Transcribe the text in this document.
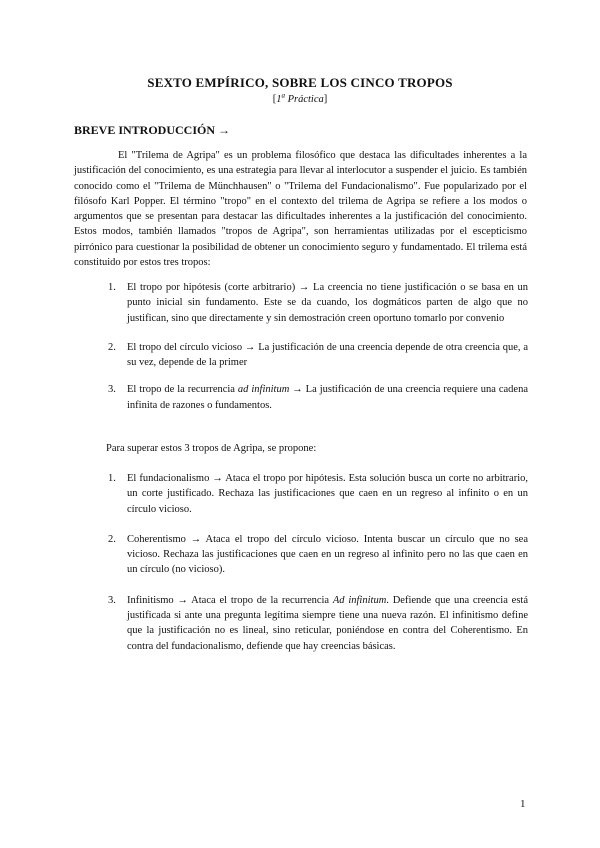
SEXTO EMPÍRICO, SOBRE LOS CINCO TROPOS

[1$^a$ Práctica]

BREVE INTRODUCCIÓN →

El "Trilema de Agripa" es un problema filosófico que destaca las dificultades inherentes a la justificación del conocimiento, es una estrategia para llevar al interlocutor a suspender el juicio. Es también conocido como el "Trilema de Münchhausen" o "Trilema del Fundacionalismo". Fue popularizado por el filósofo Karl Popper. El término "tropo" en el contexto del trilema de Agripa se refiere a los modos o argumentos que se presentan para destacar las dificultades inherentes a la justificación del conocimiento. Estos modos, también llamados "tropos de Agripa", son herramientas utilizadas por el escepticismo pirrónico para cuestionar la posibilidad de obtener un conocimiento seguro y fundamentado. El trilema está constituido por estos tres tropos:

1. El tropo por hipótesis (corte arbitrario) → La creencia no tiene justificación o se basa en un punto inicial sin fundamento. Este se da cuando, los dogmáticos parten de algo que no justifican, sino que directamente y sin demostración creen oportuno tomarlo por convenio
2. El tropo del círculo vicioso → La justificación de una creencia depende de otra creencia que, a su vez, depende de la primer
3. El tropo de la recurrencia ad infinitum → La justificación de una creencia requiere una cadena infinita de razones o fundamentos.

Para superar estos 3 tropos de Agripa, se propone:

1. El fundacionalismo → Ataca el tropo por hipótesis. Esta solución busca un corte no arbitrario, un corte justificado. Rechaza las justificaciones que caen en un regreso al infinito o en un círculo vicioso.
2. Coherentismo → Ataca el tropo del círculo vicioso. Intenta buscar un círculo que no sea vicioso. Rechaza las justificaciones que caen en un regreso al infinito pero no las que caen en un círculo (no vicioso).
3. Infinitismo → Ataca el tropo de la recurrencia Ad infinitum. Defiende que una creencia está justificada si ante una pregunta legítima siempre tiene una nueva razón. El infinitismo define que la justificación no es lineal, sino reticular, poniéndose en contra del Coherentismo. En contra del fundacionalismo, defiende que hay creencias básicas.

1
